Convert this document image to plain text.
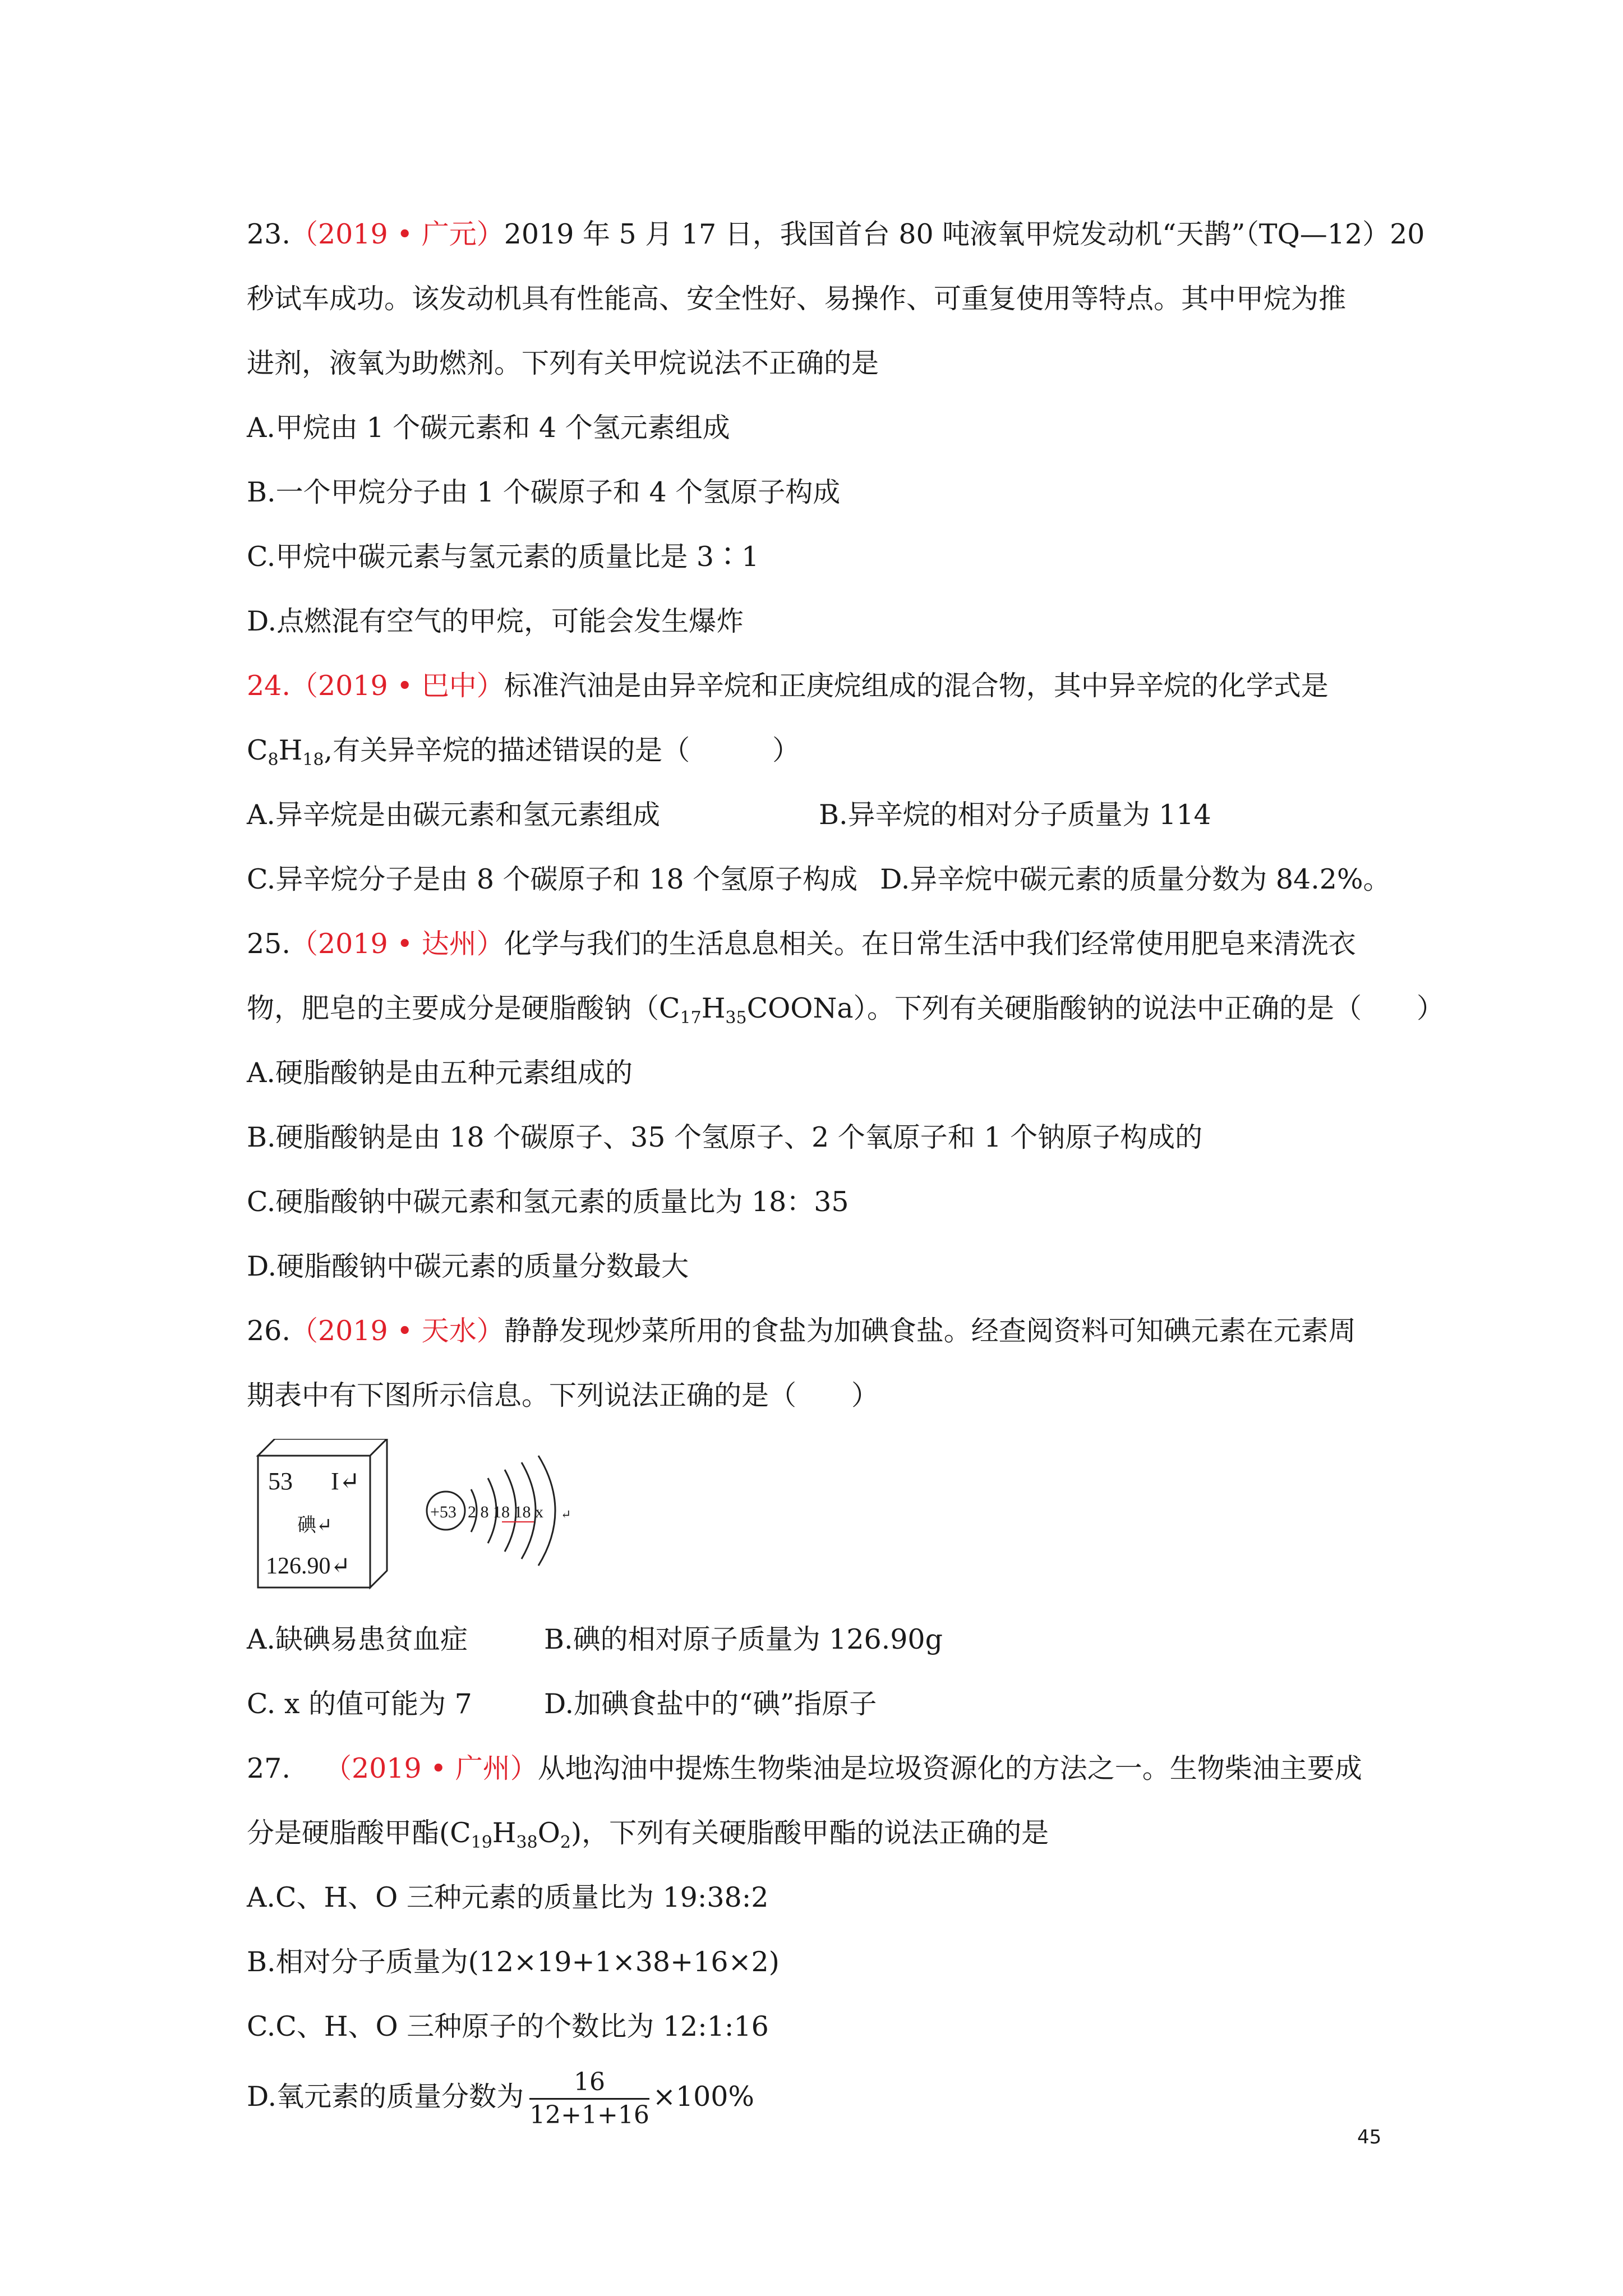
23.（2019 • 广元）2019 年 5 月 17 日，我国首台 80 吨液氧甲烷发动机“天鹊”（TQ—12）20
秒试车成功。该发动机具有性能高、安全性好、易操作、可重复使用等特点。其中甲烷为推
进剂，液氧为助燃剂。下列有关甲烷说法不正确的是
A.甲烷由 1 个碳元素和 4 个氢元素组成
B.一个甲烷分子由 1 个碳原子和 4 个氢原子构成
C.甲烷中碳元素与氢元素的质量比是 3∶1
D.点燃混有空气的甲烷，可能会发生爆炸
24.（2019 • 巴中）标准汽油是由异辛烷和正庚烷组成的混合物，其中异辛烷的化学式是
$C_8H_{18}$,有关异辛烷的描述错误的是（　　　）
A.异辛烷是由碳元素和氢元素组成	B.异辛烷的相对分子质量为 114
C.异辛烷分子是由 8 个碳原子和 18 个氢原子构成 D.异辛烷中碳元素的质量分数为 84.2%。
25.（2019 • 达州）化学与我们的生活息息相关。在日常生活中我们经常使用肥皂来清洗衣
物，肥皂的主要成分是硬脂酸钠$(C_{17}H_{35}COONa)$。下列有关硬脂酸钠的说法中正确的是（　　）
A.硬脂酸钠是由五种元素组成的
B.硬脂酸钠是由 18 个碳原子、35 个氢原子、2 个氧原子和 1 个钠原子构成的
C.硬脂酸钠中碳元素和氢元素的质量比为 18：35
D.硬脂酸钠中碳元素的质量分数最大
26.（2019 • 天水）静静发现炒菜所用的食盐为加碘食盐。经查阅资料可知碘元素在元素周
期表中有下图所示信息。下列说法正确的是（　　）
53 I↵
碘↵
126.90↵
+53 2 8 18 18 x ↵
A.缺碘易患贫血症	B.碘的相对原子质量为 126.90g
C. x 的值可能为 7	D.加碘食盐中的“碘”指原子
27. （2019 • 广州）从地沟油中提炼生物柴油是垃圾资源化的方法之一。生物柴油主要成
分是硬脂酸甲酯$(C_{19}H_{38}O_2)$，下列有关硬脂酸甲酯的说法正确的是
A.C、H、O 三种元素的质量比为 19:38:2
B.相对分子质量为(12×19+1×38+16×2)
C.C、H、O 三种原子的个数比为 12:1:16
D.氧元素的质量分数为 $\frac{16}{12+1+16} \times 100\%$
45
